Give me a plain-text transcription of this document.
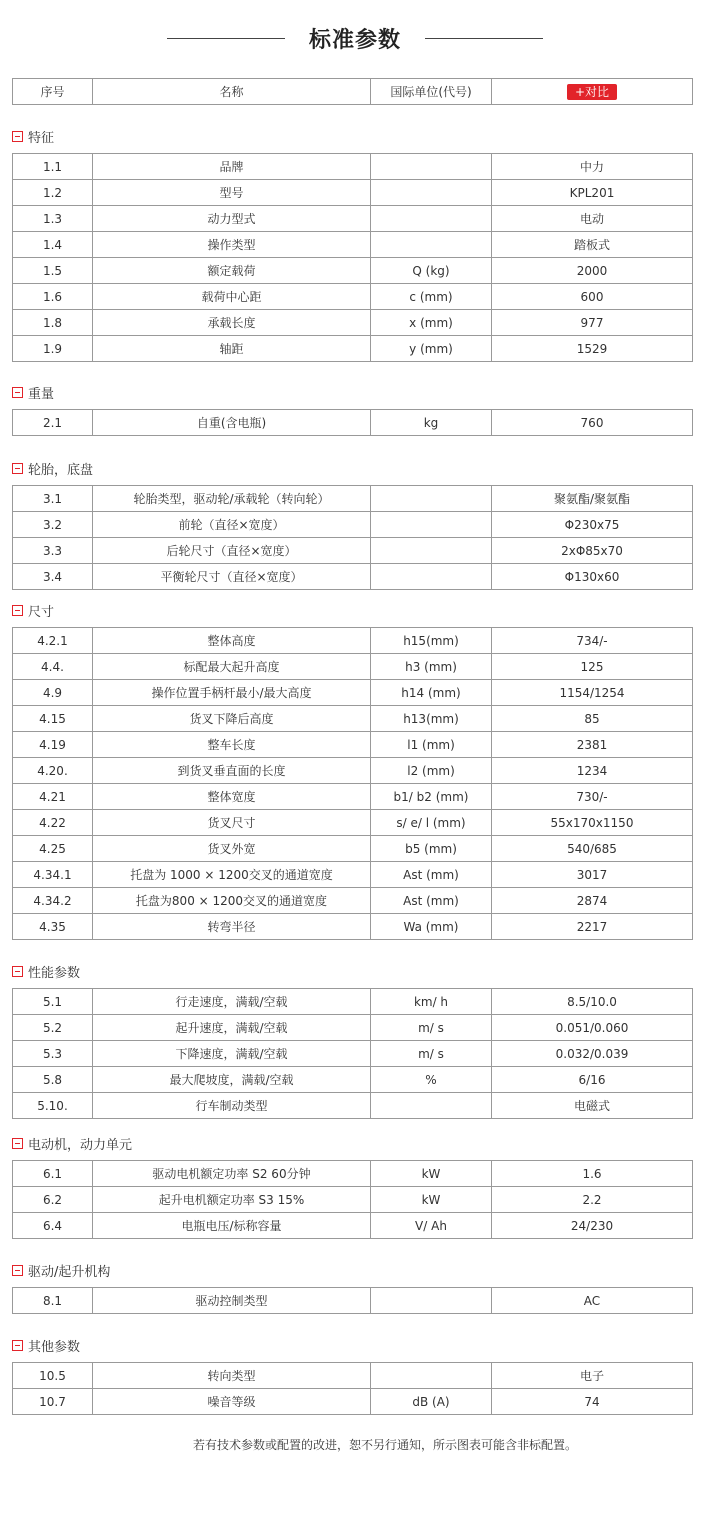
标准参数
序号	名称	国际单位(代号)	+对比
特征
1.1	品牌		中力
1.2	型号		KPL201
1.3	动力型式		电动
1.4	操作类型		踏板式
1.5	额定载荷	Q (kg)	2000
1.6	载荷中心距	c (mm)	600
1.8	承载长度	x (mm)	977
1.9	轴距	y (mm)	1529
重量
2.1	自重(含电瓶)	kg	760
轮胎，底盘
3.1	轮胎类型，驱动轮/承载轮（转向轮）		聚氨酯/聚氨酯
3.2	前轮（直径×宽度）		Φ230x75
3.3	后轮尺寸（直径×宽度）		2xΦ85x70
3.4	平衡轮尺寸（直径×宽度）		Φ130x60
尺寸
4.2.1	整体高度	h15(mm)	734/-
4.4.	标配最大起升高度	h3 (mm)	125
4.9	操作位置手柄杆最小/最大高度	h14 (mm)	1154/1254
4.15	货叉下降后高度	h13(mm)	85
4.19	整车长度	l1 (mm)	2381
4.20.	到货叉垂直面的长度	l2 (mm)	1234
4.21	整体宽度	b1/ b2 (mm)	730/-
4.22	货叉尺寸	s/ e/ l (mm)	55x170x1150
4.25	货叉外宽	b5 (mm)	540/685
4.34.1	托盘为 1000 × 1200交叉的通道宽度	Ast (mm)	3017
4.34.2	托盘为800 × 1200交叉的通道宽度	Ast (mm)	2874
4.35	转弯半径	Wa (mm)	2217
性能参数
5.1	行走速度，满载/空载	km/ h	8.5/10.0
5.2	起升速度，满载/空载	m/ s	0.051/0.060
5.3	下降速度，满载/空载	m/ s	0.032/0.039
5.8	最大爬坡度，满载/空载	%	6/16
5.10.	行车制动类型		电磁式
电动机，动力单元
6.1	驱动电机额定功率 S2 60分钟	kW	1.6
6.2	起升电机额定功率 S3 15%	kW	2.2
6.4	电瓶电压/标称容量	V/ Ah	24/230
驱动/起升机构
8.1	驱动控制类型		AC
其他参数
10.5	转向类型		电子
10.7	噪音等级	dB (A)	74
若有技术参数或配置的改进，恕不另行通知，所示图表可能含非标配置。
